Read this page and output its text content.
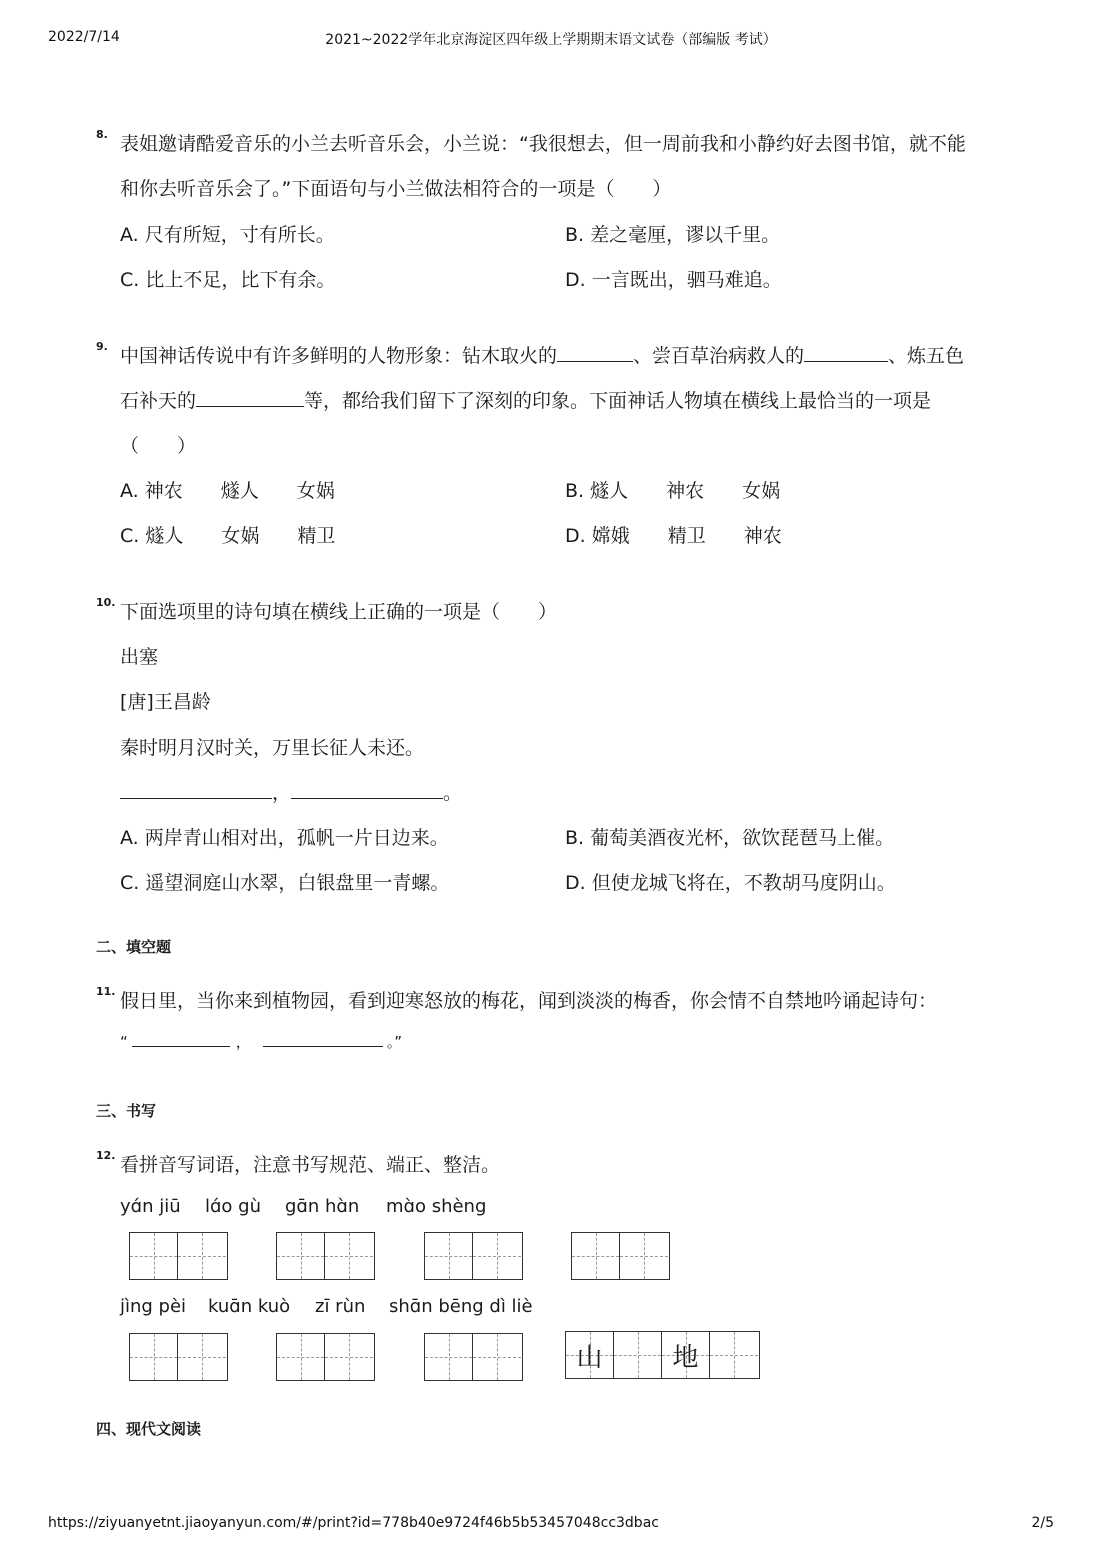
2022/7/14	2021~2022学年北京海淀区四年级上学期期末语文试卷（部编版 考试）
8. 表姐邀请酷爱音乐的小兰去听音乐会，小兰说：“我很想去，但一周前我和小静约好去图书馆，就不能
和你去听音乐会了。”下面语句与小兰做法相符合的一项是（　　）
A. 尺有所短，寸有所长。	B. 差之毫厘，谬以千里。
C. 比上不足，比下有余。	D. 一言既出，驷马难追。
9. 中国神话传说中有许多鲜明的人物形象：钻木取火的	、尝百草治病救人的	、炼五色
石补天的	等，都给我们留下了深刻的印象。下面神话人物填在横线上最恰当的一项是
（　　）
A. 神农　　燧人　　女娲	B. 燧人　　神农　　女娲
C. 燧人　　女娲　　精卫	D. 嫦娥　　精卫　　神农
10. 下面选项里的诗句填在横线上正确的一项是（　　）
出塞
[唐]王昌龄
秦时明月汉时关，万里长征人未还。
，	。
A. 两岸青山相对出，孤帆一片日边来。	B. 葡萄美酒夜光杯，欲饮琵琶马上催。
C. 遥望洞庭山水翠，白银盘里一青螺。	D. 但使龙城飞将在，不教胡马度阴山。
二、填空题
11. 假日里，当你来到植物园，看到迎寒怒放的梅花，闻到淡淡的梅香，你会情不自禁地吟诵起诗句：
“	，	。”
三、书写
12. 看拼音写词语，注意书写规范、端正、整洁。
yɑ́n jiū lɑ́o gù gɑ̄n hɑ̀n mɑ̀o shèng
jìng pèi kuɑ̄n kuò zī rùn shɑ̄n bēng dì liè
山	地
四、现代文阅读
https://ziyuanyetnt.jiaoyanyun.com/#/print?id=778b40e9724f46b5b53457048cc3dbac	2/5
